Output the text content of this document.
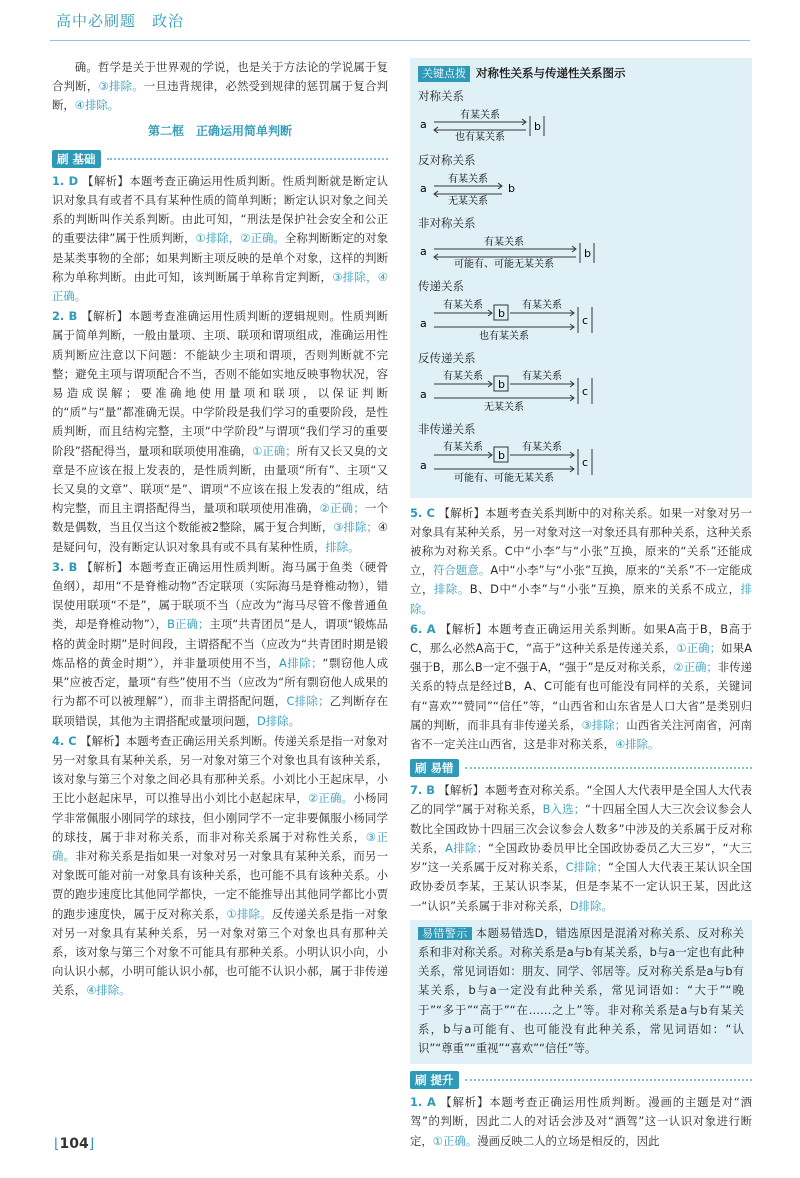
高中必刷题　政治

确。哲学是关于世界观的学说，也是关于方法论的学说属于复合判断，③排除。一旦违背规律，必然受到规律的惩罚属于复合判断，④排除。

第二框　正确运用简单判断
刷 基础

1. D 【解析】本题考查正确运用性质判断。性质判断就是断定认识对象具有或者不具有某种性质的简单判断；断定认识对象之间关系的判断叫作关系判断。由此可知，“刑法是保护社会安全和公正的重要法律”属于性质判断，①排除，②正确。全称判断断定的对象是某类事物的全部；如果判断主项反映的是单个对象，这样的判断称为单称判断。由此可知，该判断属于单称肯定判断，③排除，④正确。

2. B 【解析】本题考查准确运用性质判断的逻辑规则。性质判断属于简单判断，一般由量项、主项、联项和谓项组成，准确运用性质判断应注意以下问题：不能缺少主项和谓项，否则判断就不完整；避免主项与谓项配合不当，否则不能如实地反映事物状况，容易造成误解；要准确地使用量项和联项，以保证判断的“质”与“量”都准确无误。中学阶段是我们学习的重要阶段，是性质判断，而且结构完整，主项“中学阶段”与谓项“我们学习的重要阶段”搭配得当，量项和联项使用准确，①正确；所有又长又臭的文章是不应该在报上发表的，是性质判断，由量项“所有”、主项“又长又臭的文章”、联项“是”、谓项“不应该在报上发表的”组成，结构完整，而且主谓搭配得当，量项和联项使用准确，②正确；一个数是偶数，当且仅当这个数能被2整除，属于复合判断，③排除；④是疑问句，没有断定认识对象具有或不具有某种性质，排除。

3. B 【解析】本题考查正确运用性质判断。海马属于鱼类（硬骨鱼纲），却用“不是脊椎动物”否定联项（实际海马是脊椎动物），错误使用联项“不是”，属于联项不当（应改为“海马尽管不像普通鱼类，却是脊椎动物”），B正确；主项“共青团员”是人，谓项“锻炼品格的黄金时期”是时间段，主谓搭配不当（应改为“共青团时期是锻炼品格的黄金时期”），并非量项使用不当，A排除；“剽窃他人成果”应被否定，量项“有些”使用不当（应改为“所有剽窃他人成果的行为都不可以被理解”），而非主谓搭配问题，C排除；乙判断存在联项错误，其他为主谓搭配或量项问题，D排除。

4. C 【解析】本题考查正确运用关系判断。传递关系是指一对象对另一对象具有某种关系，另一对象对第三个对象也具有该种关系，该对象与第三个对象之间必具有那种关系。小刘比小王起床早，小王比小赵起床早，可以推导出小刘比小赵起床早，②正确。小杨同学非常佩服小刚同学的球技，但小刚同学不一定非要佩服小杨同学的球技，属于非对称关系，而非对称关系属于对称性关系，③正确。非对称关系是指如果一对象对另一对象具有某种关系，而另一对象既可能对前一对象具有该种关系，也可能不具有该种关系。小贾的跑步速度比其他同学都快，一定不能推导出其他同学都比小贾的跑步速度快，属于反对称关系，①排除。反传递关系是指一对象对另一对象具有某种关系，另一对象对第三个对象也具有那种关系，该对象与第三个对象不可能具有那种关系。小明认识小向，小向认识小郝，小明可能认识小郝，也可能不认识小郝，属于非传递关系，④排除。

关键点拨 对称性关系与传递性关系图示
对称关系
a
有某关系
也有某关系
b
反对称关系
a
有某关系
无某关系
b
非对称关系
a
有某关系
可能有、可能无某关系
b
传递关系
a
有某关系
b
有某关系
也有某关系
c
反传递关系
a
有某关系
b
有某关系
无某关系
c
非传递关系
a
有某关系
b
有某关系
可能有、可能无某关系
c

5. C 【解析】本题考查关系判断中的对称关系。如果一对象对另一对象具有某种关系，另一对象对这一对象还具有那种关系，这种关系被称为对称关系。C中“小李”与“小张”互换，原来的“关系”还能成立，符合题意。A中“小李”与“小张”互换，原来的“关系”不一定能成立，排除。B、D中“小李”与“小张”互换，原来的关系不成立，排除。

6. A 【解析】本题考查正确运用关系判断。如果A高于B，B高于C，那么必然A高于C，“高于”这种关系是传递关系，①正确；如果A强于B，那么B一定不强于A，“强于”是反对称关系，②正确；非传递关系的特点是经过B，A、C可能有也可能没有同样的关系，关键词有“喜欢”“赞同”“信任”等，“山西省和山东省是人口大省”是类别归属的判断，而非具有非传递关系，③排除；山西省关注河南省，河南省不一定关注山西省，这是非对称关系，④排除。

刷 易错

7. B 【解析】本题考查对称关系。“全国人大代表甲是全国人大代表乙的同学”属于对称关系，B入选；“十四届全国人大三次会议参会人数比全国政协十四届三次会议参会人数多”中涉及的关系属于反对称关系，A排除；“全国政协委员甲比全国政协委员乙大三岁”，“大三岁”这一关系属于反对称关系，C排除；“全国人大代表王某认识全国政协委员李某，王某认识李某，但是李某不一定认识王某，因此这一“认识”关系属于非对称关系，D排除。

易错警示 本题易错选D，错选原因是混淆对称关系、反对称关系和非对称关系。对称关系是a与b有某关系，b与a一定也有此种关系，常见词语如：朋友、同学、邻居等。反对称关系是a与b有某关系，b与a一定没有此种关系，常见词语如：“大于”“晚于”“多于”“高于”“在……之上”等。非对称关系是a与b有某关系，b与a可能有、也可能没有此种关系，常见词语如：“认识”“尊重”“重视”“喜欢”“信任”等。
刷 提升

1. A 【解析】本题考查正确运用性质判断。漫画的主题是对“酒驾”的判断，因此二人的对话会涉及对“酒驾”这一认识对象进行断定，①正确。漫画反映二人的立场是相反的，因此

⌊104⌋
